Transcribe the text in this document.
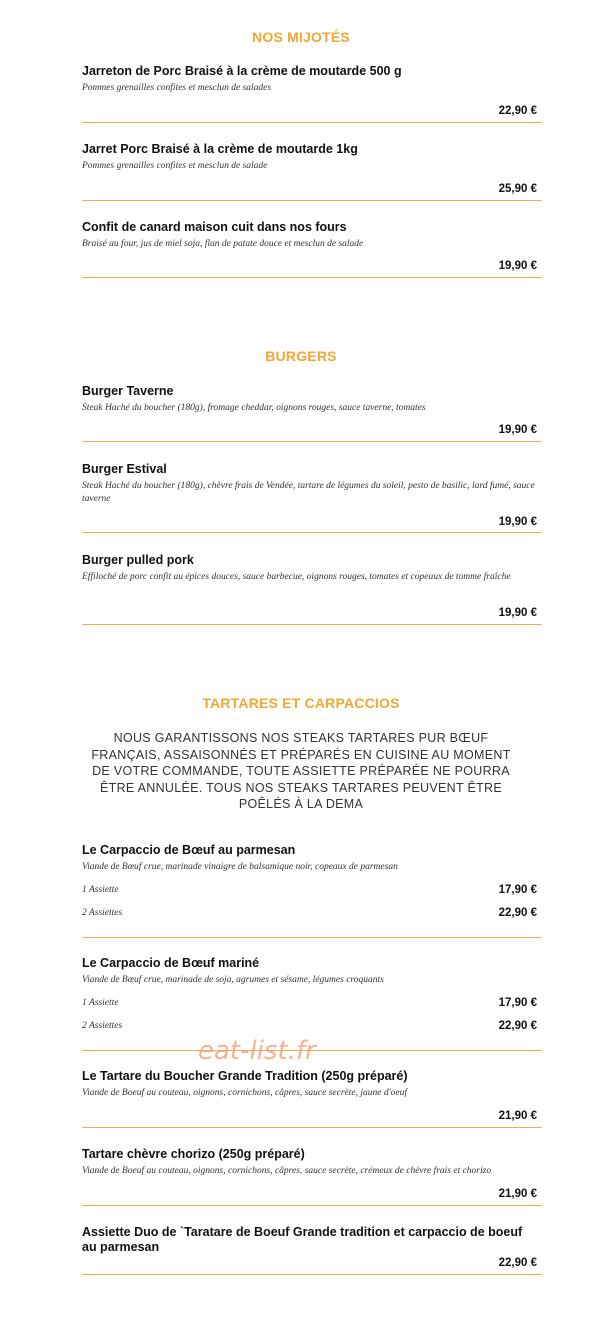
NOS MIJOTÉS
Jarreton de Porc Braisé à la crème de moutarde 500 g
Pommes grenailles confites et mesclun de salades
22,90 €
Jarret Porc Braisé à la crème de moutarde 1kg
Pommes grenailles confites et mesclun de salade
25,90 €
Confit de canard maison cuit dans nos fours
Braisé au four, jus de miel soja, flan de patate douce et mesclun de salade
19,90 €
BURGERS
Burger Taverne
Steak Haché du boucher (180g), fromage cheddar, oignons rouges, sauce taverne, tomates
19,90 €
Burger Estival
Steak Haché du boucher (180g), chèvre frais de Vendée, tartare de légumes du soleil, pesto de basilic, lard fumé, sauce taverne
19,90 €
Burger pulled pork
Effiloché de porc confit au épices douces, sauce barbecue, oignons rouges, tomates et copeaux de tomme fraîche
19,90 €
TARTARES ET CARPACCIOS
NOUS GARANTISSONS NOS STEAKS TARTARES PUR BŒUF FRANÇAIS, ASSAISONNÉS ET PRÉPARÉS EN CUISINE AU MOMENT DE VOTRE COMMANDE, TOUTE ASSIETTE PRÉPARÉE NE POURRA ÊTRE ANNULÉE. TOUS NOS STEAKS TARTARES PEUVENT ÊTRE POÊLÉS À LA DEMA
Le Carpaccio de Bœuf au parmesan
Viande de Bœuf crue, marinade vinaigre de balsamique noir, copeaux de parmesan
1 Assiette	17,90 €
2 Assiettes	22,90 €
Le Carpaccio de Bœuf mariné
Viande de Bœuf crue, marinade de soja, agrumes et sésame, légumes croquants
1 Assiette	17,90 €
2 Assiettes	22,90 €
Le Tartare du Boucher Grande Tradition (250g préparé)
Viande de Boeuf au couteau, oignons, cornichons, câpres, sauce secrète, jaune d'oeuf
21,90 €
Tartare chèvre chorizo (250g préparé)
Viande de Boeuf au couteau, oignons, cornichons, câpres, sauce secrète, crémeux de chèvre frais et chorizo
21,90 €
Assiette Duo de `Taratare de Boeuf Grande tradition et carpaccio de boeuf au parmesan
22,90 €
eat-list.fr
